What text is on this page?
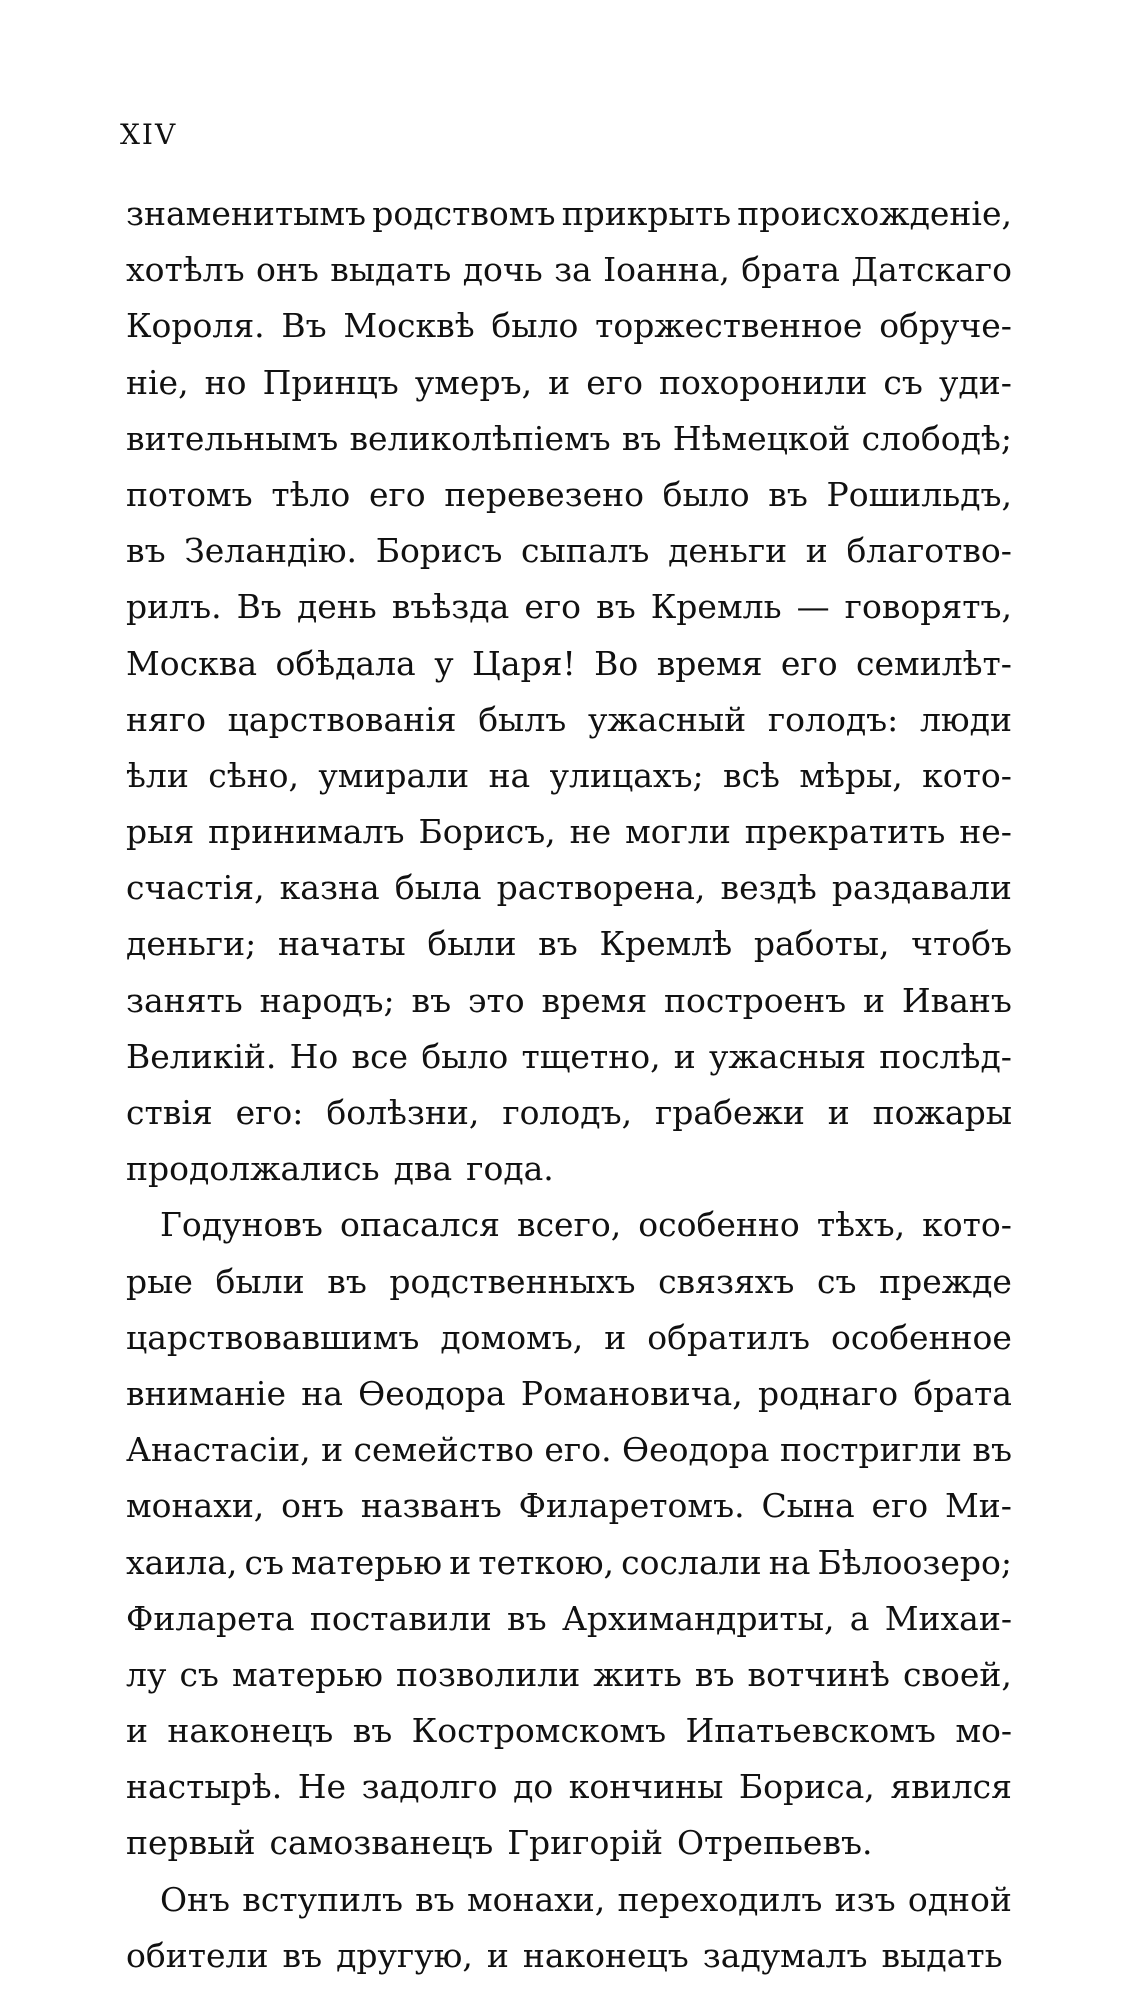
XIV
знаменитымъ родствомъ прикрыть происхожденіе,
хотѣлъ онъ выдать дочь за Іоанна, брата Датскаго
Короля. Въ Москвѣ было торжественное обруче-
ніе, но Принцъ умеръ, и его похоронили съ уди-
вительнымъ великолѣпіемъ въ Нѣмецкой слободѣ;
потомъ тѣло его перевезено было въ Рошильдъ,
въ Зеландію. Борисъ сыпалъ деньги и благотво-
рилъ. Въ день въѣзда его въ Кремль — говорятъ,
Москва обѣдала у Царя! Во время его семилѣт-
няго царствованія былъ ужасный голодъ: люди
ѣли сѣно, умирали на улицахъ; всѣ мѣры, кото-
рыя принималъ Борисъ, не могли прекратить не-
счастія, казна была растворена, вездѣ раздавали
деньги; начаты были въ Кремлѣ работы, чтобъ
занять народъ; въ это время построенъ и Иванъ
Великій. Но все было тщетно, и ужасныя послѣд-
ствія его: болѣзни, голодъ, грабежи и пожары
продолжались два года.
Годуновъ опасался всего, особенно тѣхъ, кото-
рые были въ родственныхъ связяхъ съ прежде
царствовавшимъ домомъ, и обратилъ особенное
вниманіе на Ѳеодора Романовича, роднаго брата
Анастасіи, и семейство его. Ѳеодора постригли въ
монахи, онъ названъ Филаретомъ. Сына его Ми-
хаила, съ матерью и теткою, сослали на Бѣлоозеро;
Филарета поставили въ Архимандриты, а Михаи-
лу съ матерью позволили жить въ вотчинѣ своей,
и наконецъ въ Костромскомъ Ипатьевскомъ мо-
настырѣ. Не задолго до кончины Бориса, явился
первый самозванецъ Григорій Отрепьевъ.
Онъ вступилъ въ монахи, переходилъ изъ одной
обители въ другую, и наконецъ задумалъ выдать
